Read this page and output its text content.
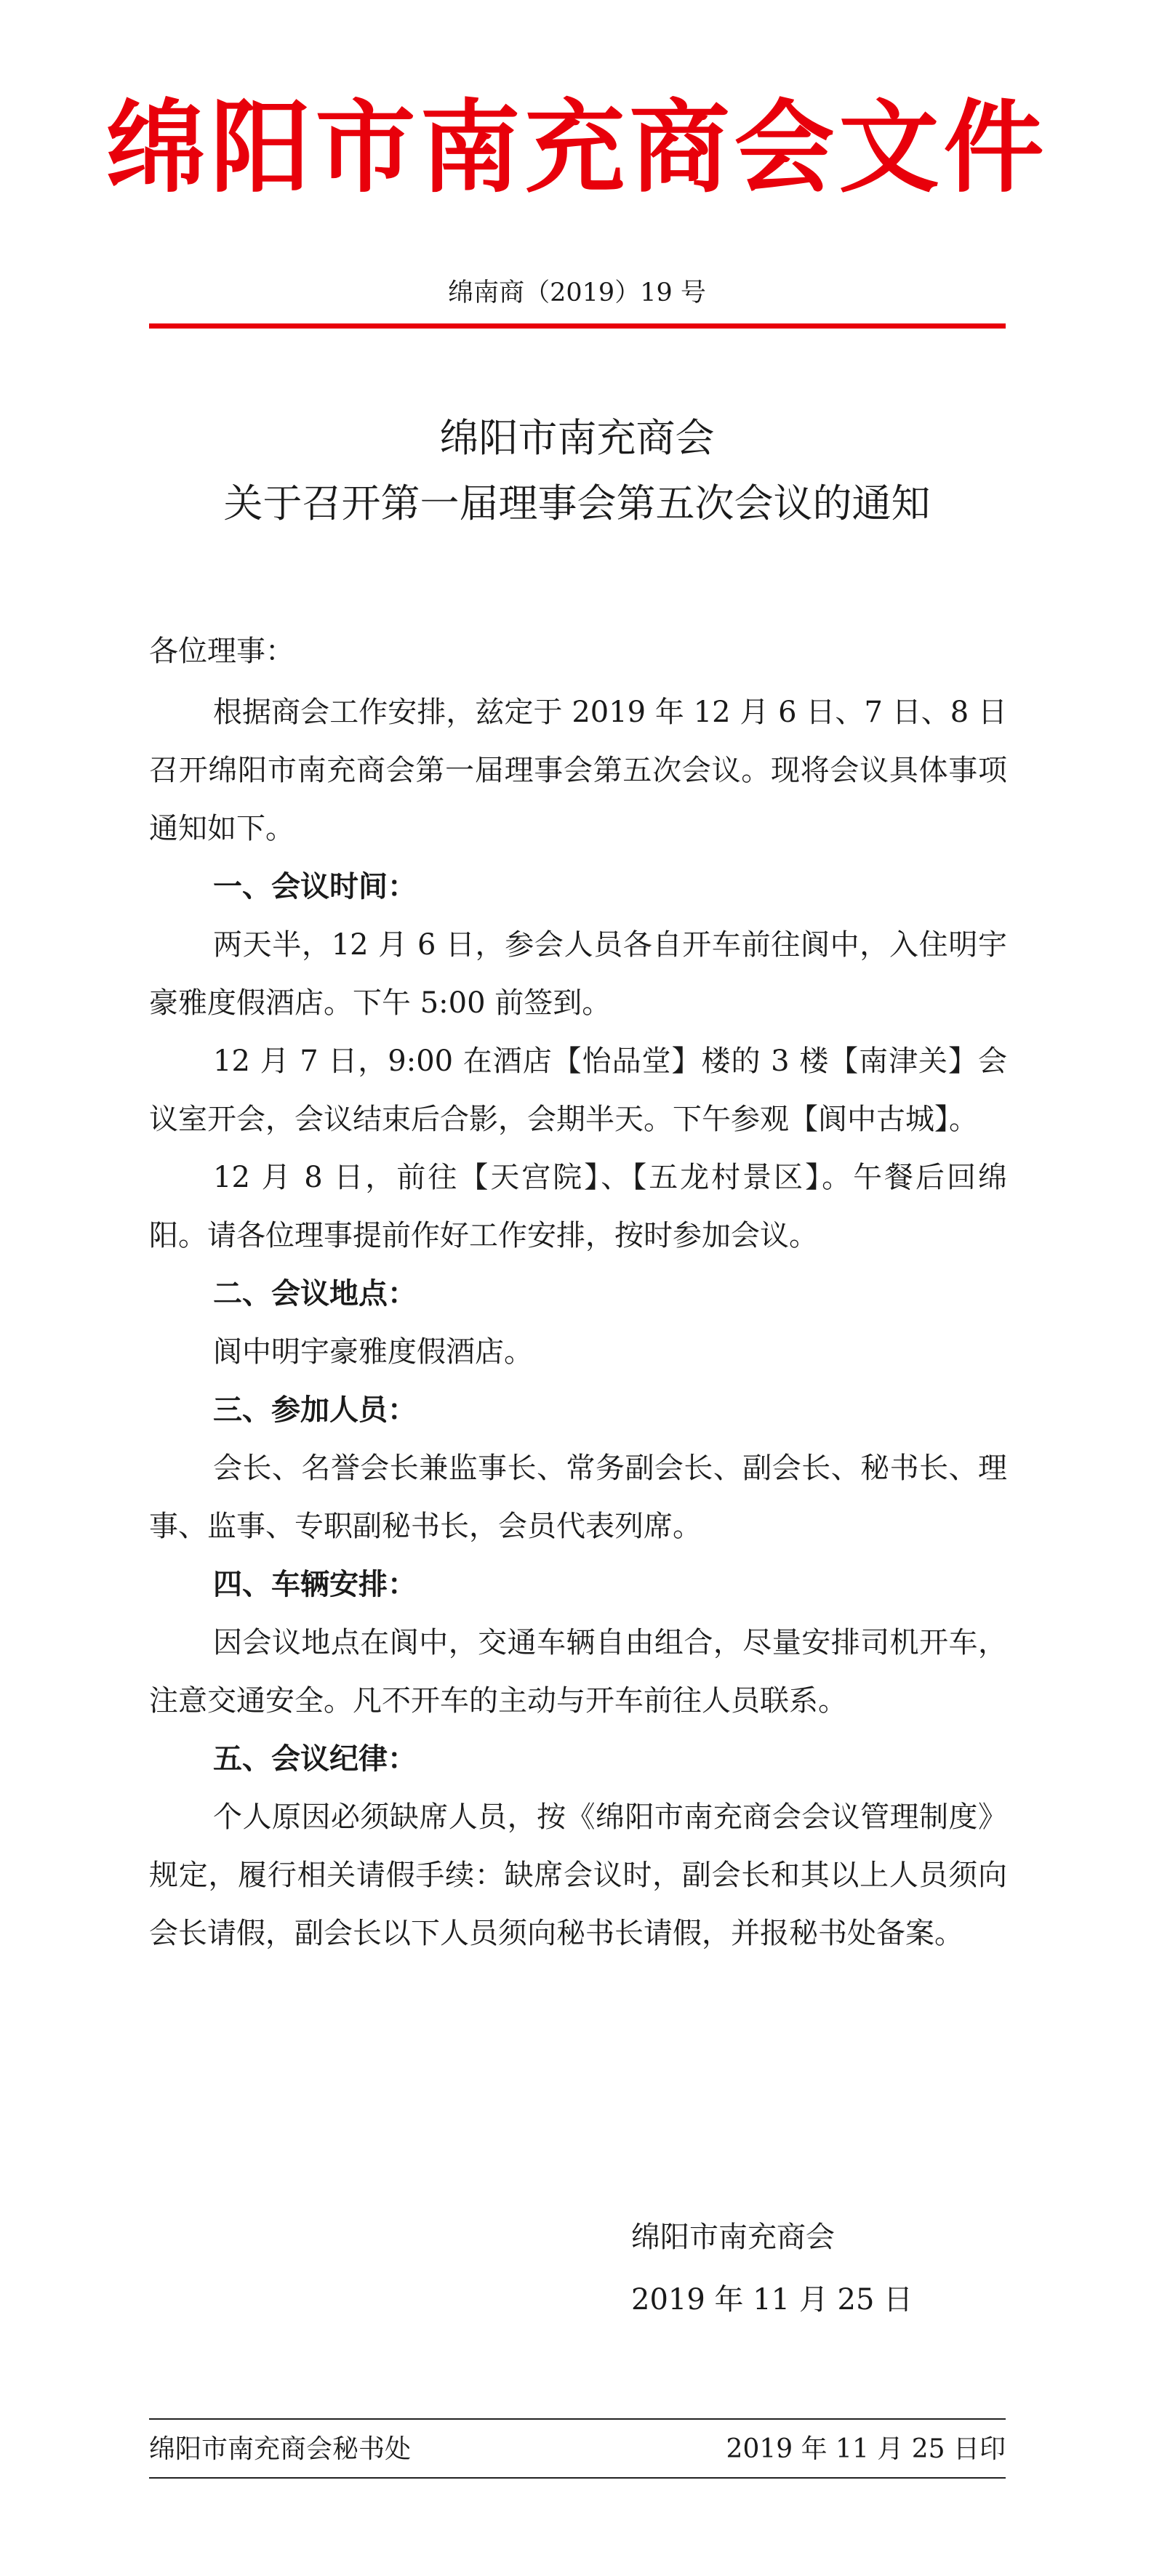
绵阳市南充商会文件
绵南商（2019）19 号
绵阳市南充商会
关于召开第一届理事会第五次会议的通知
各位理事：

根据商会工作安排，兹定于 2019 年 12 月 6 日、7 日、8 日召开绵阳市南充商会第一届理事会第五次会议。现将会议具体事项通知如下。

一、会议时间：

两天半，12 月 6 日，参会人员各自开车前往阆中，入住明宇豪雅度假酒店。下午 5:00 前签到。

12 月 7 日，9:00 在酒店【怡品堂】楼的 3 楼【南津关】会议室开会，会议结束后合影，会期半天。下午参观【阆中古城】。

12 月 8 日，前往【天宫院】、【五龙村景区】。午餐后回绵阳。请各位理事提前作好工作安排，按时参加会议。

二、会议地点：

阆中明宇豪雅度假酒店。

三、参加人员：

会长、名誉会长兼监事长、常务副会长、副会长、秘书长、理事、监事、专职副秘书长，会员代表列席。

四、车辆安排：

因会议地点在阆中，交通车辆自由组合，尽量安排司机开车，注意交通安全。凡不开车的主动与开车前往人员联系。

五、会议纪律：

个人原因必须缺席人员，按《绵阳市南充商会会议管理制度》规定，履行相关请假手续：缺席会议时，副会长和其以上人员须向会长请假，副会长以下人员须向秘书长请假，并报秘书处备案。

绵阳市南充商会
2019 年 11 月 25 日
绵阳市南充商会秘书处	2019 年 11 月 25 日印
